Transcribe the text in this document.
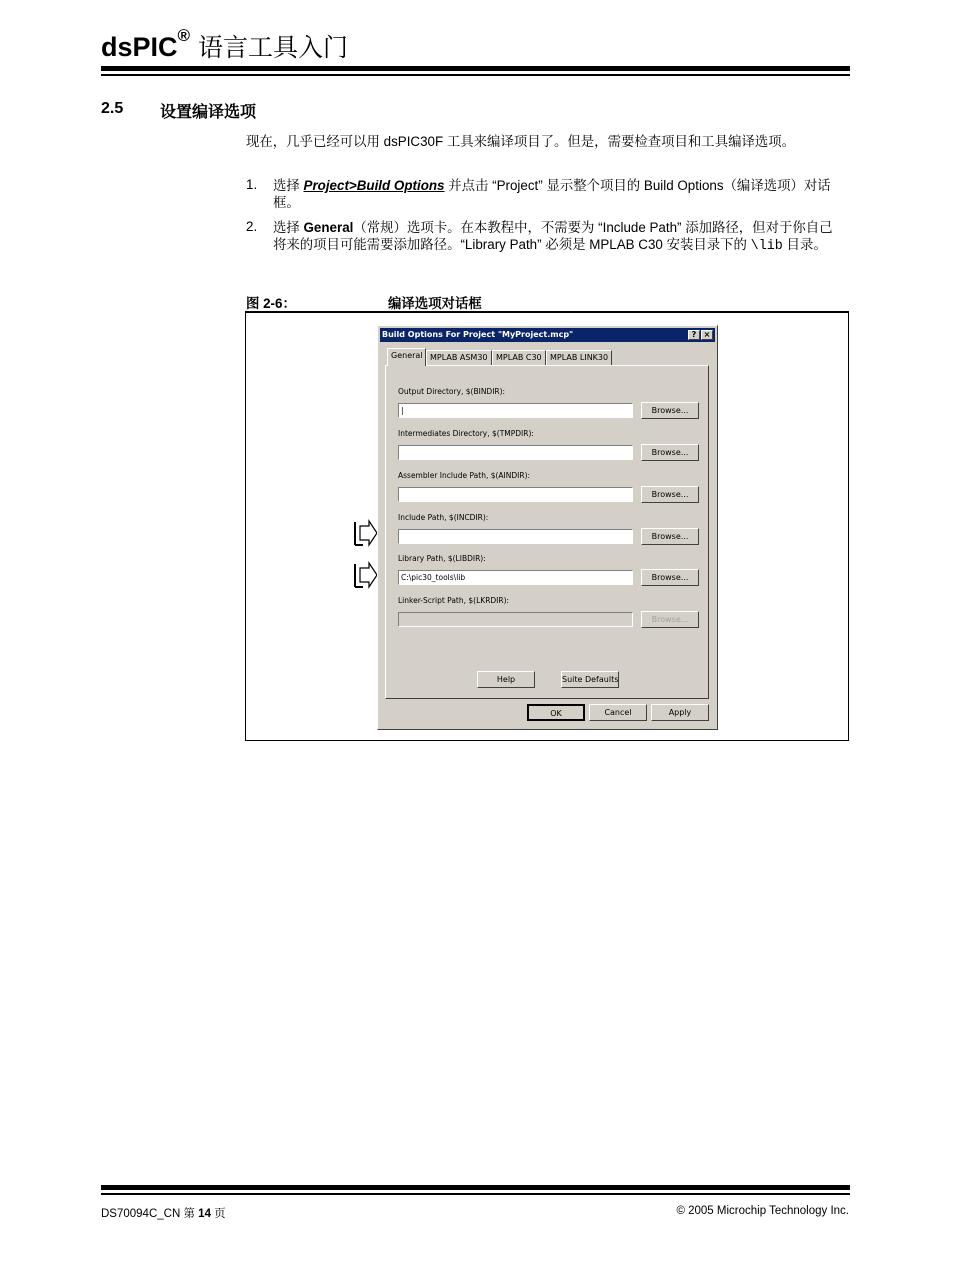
dsPIC® 语言工具入门
2.5 设置编译选项
现在，几乎已经可以用 dsPIC30F 工具来编译项目了。但是，需要检查项目和工具编译选项。
1. 选择 Project>Build Options 并点击 “Project” 显示整个项目的 Build Options（编译选项）对话框。
2. 选择 General（常规）选项卡。在本教程中，不需要为 “Include Path” 添加路径，但对于你自己将来的项目可能需要添加路径。“Library Path” 必须是 MPLAB C30 安装目录下的 \lib 目录。
图 2-6：	编译选项对话框
Build Options For Project "MyProject.mcp"	? ×
General MPLAB ASM30	MPLAB C30	MPLAB LINK30
Output Directory, $(BINDIR):
|	Browse...
Intermediates Directory, $(TMPDIR):
Browse...
Assembler Include Path, $(AINDIR):
Browse...
Include Path, $(INCDIR):
Browse...
Library Path, $(LIBDIR):
C:\pic30_tools\lib	Browse...
Linker-Script Path, $(LKRDIR):
Browse...
Help	Suite Defaults
OK	Cancel	Apply
DS70094C_CN 第 14 页	© 2005 Microchip Technology Inc.
